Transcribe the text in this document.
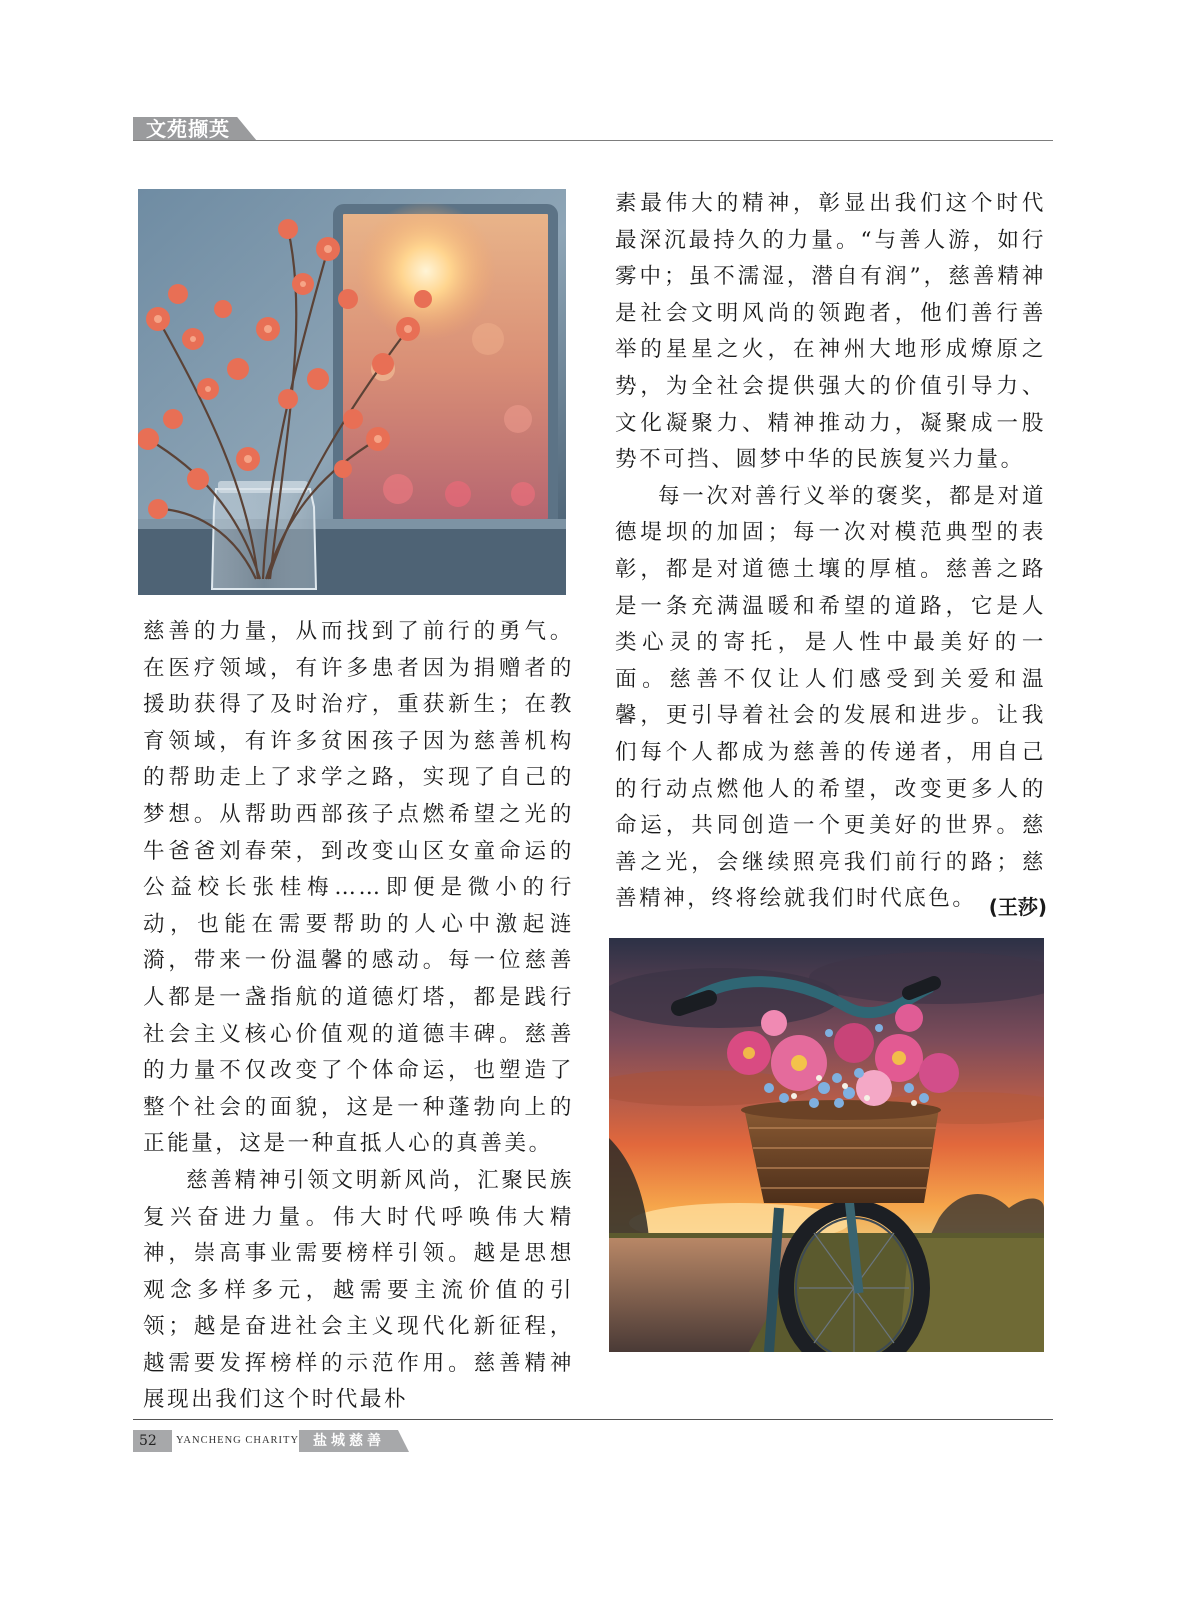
文苑撷英

慈善的力量，从而找到了前行的勇气。在医疗领域，有许多患者因为捐赠者的援助获得了及时治疗，重获新生；在教育领域，有许多贫困孩子因为慈善机构的帮助走上了求学之路，实现了自己的梦想。从帮助西部孩子点燃希望之光的牛爸爸刘春荣，到改变山区女童命运的公益校长张桂梅……即便是微小的行动，也能在需要帮助的人心中激起涟漪，带来一份温馨的感动。每一位慈善人都是一盏指航的道德灯塔，都是践行社会主义核心价值观的道德丰碑。慈善的力量不仅改变了个体命运，也塑造了整个社会的面貌，这是一种蓬勃向上的正能量，这是一种直抵人心的真善美。

慈善精神引领文明新风尚，汇聚民族复兴奋进力量。伟大时代呼唤伟大精神，崇高事业需要榜样引领。越是思想观念多样多元，越需要主流价值的引领；越是奋进社会主义现代化新征程，越需要发挥榜样的示范作用。慈善精神展现出我们这个时代最朴

素最伟大的精神，彰显出我们这个时代最深沉最持久的力量。“与善人游，如行雾中；虽不濡湿，潜自有润”，慈善精神是社会文明风尚的领跑者，他们善行善举的星星之火，在神州大地形成燎原之势，为全社会提供强大的价值引导力、文化凝聚力、精神推动力，凝聚成一股势不可挡、圆梦中华的民族复兴力量。

每一次对善行义举的褒奖，都是对道德堤坝的加固；每一次对模范典型的表彰，都是对道德土壤的厚植。慈善之路是一条充满温暖和希望的道路，它是人类心灵的寄托，是人性中最美好的一面。慈善不仅让人们感受到关爱和温馨，更引导着社会的发展和进步。让我们每个人都成为慈善的传递者，用自己的行动点燃他人的希望，改变更多人的命运，共同创造一个更美好的世界。慈善之光，会继续照亮我们前行的路；慈善精神，终将绘就我们时代底色。 (王莎)
52 YANCHENG CHARITY 盐城慈善
